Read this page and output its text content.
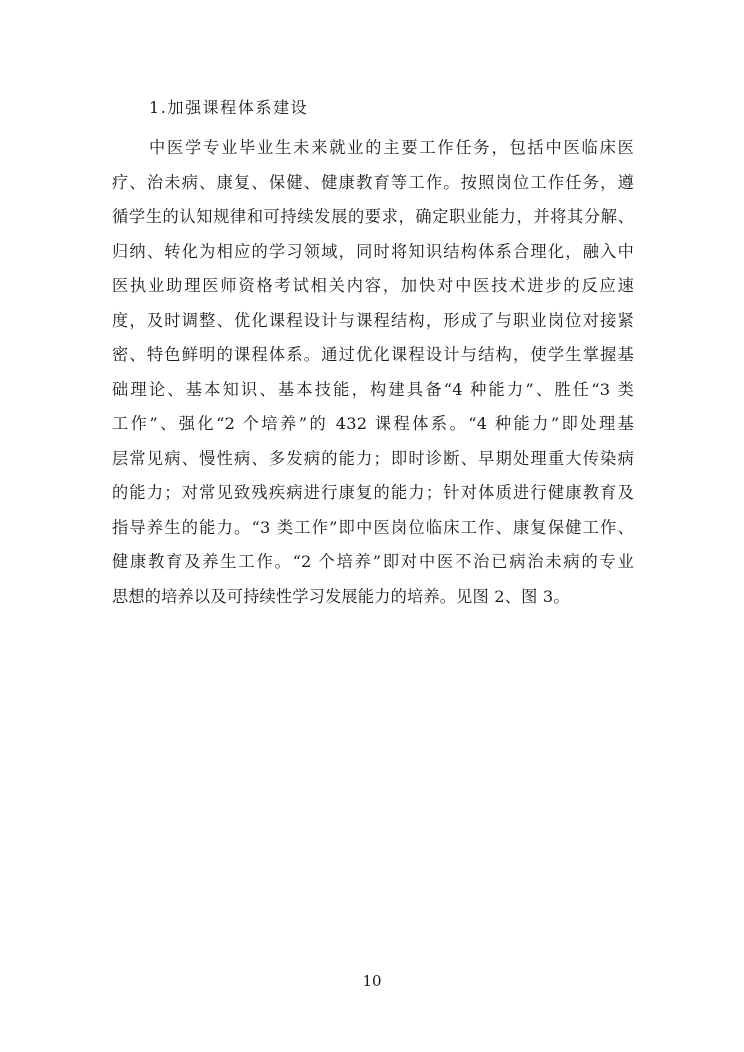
1.加强课程体系建设
中医学专业毕业生未来就业的主要工作任务，包括中医临床医
疗、治未病、康复、保健、健康教育等工作。按照岗位工作任务，遵
循学生的认知规律和可持续发展的要求，确定职业能力，并将其分解、
归纳、转化为相应的学习领域，同时将知识结构体系合理化，融入中
医执业助理医师资格考试相关内容，加快对中医技术进步的反应速
度，及时调整、优化课程设计与课程结构，形成了与职业岗位对接紧
密、特色鲜明的课程体系。通过优化课程设计与结构，使学生掌握基
础理论、基本知识、基本技能，构建具备“4 种能力”、胜任“3 类
工作”、强化“2 个培养”的 432 课程体系。“4 种能力”即处理基
层常见病、慢性病、多发病的能力；即时诊断、早期处理重大传染病
的能力；对常见致残疾病进行康复的能力；针对体质进行健康教育及
指导养生的能力。“3 类工作”即中医岗位临床工作、康复保健工作、
健康教育及养生工作。“2 个培养”即对中医不治已病治未病的专业
思想的培养以及可持续性学习发展能力的培养。见图 2、图 3。
10
